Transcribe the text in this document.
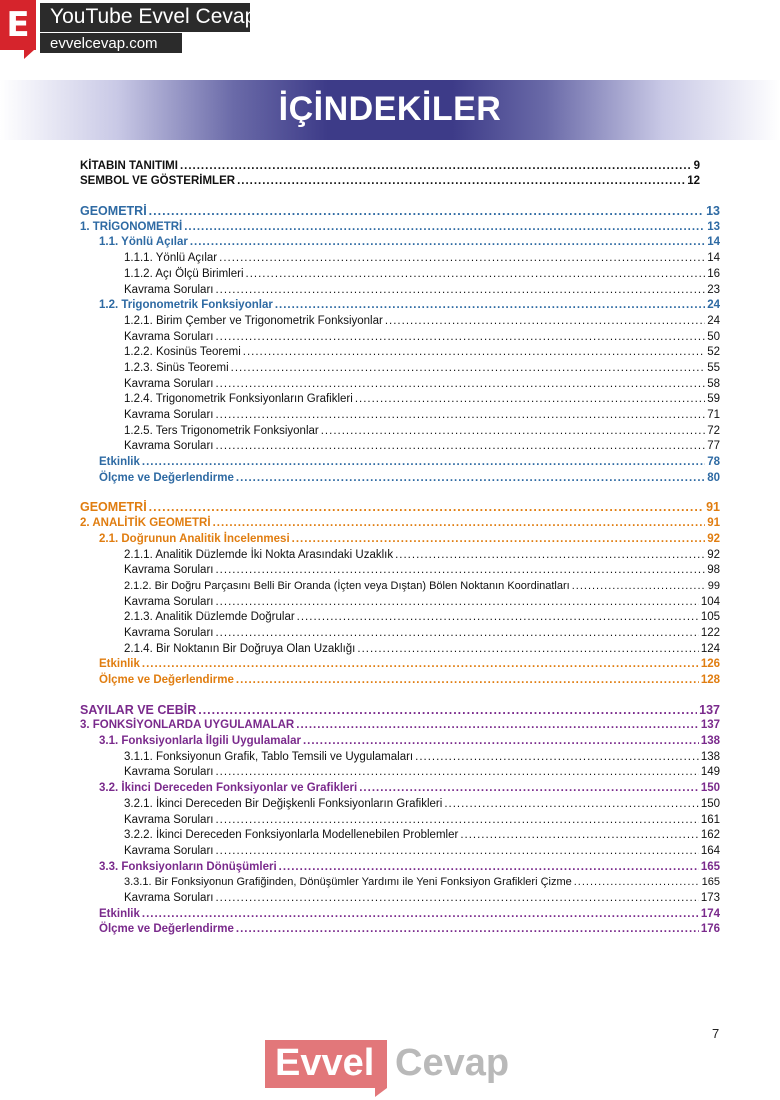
E YouTube Evvel Cevap
evvelcevap.com
İÇİNDEKİLER
KİTABIN TANITIMI .....	9
SEMBOL VE GÖSTERİMLER .....	12
GEOMETRİ .....	13
1. TRİGONOMETRİ .....	13
1.1. Yönlü Açılar .....	14
1.1.1. Yönlü Açılar .....	14
1.1.2. Açı Ölçü Birimleri .....	16
Kavrama Soruları .....	23
1.2. Trigonometrik Fonksiyonlar .....	24
1.2.1. Birim Çember ve Trigonometrik Fonksiyonlar .....	24
Kavrama Soruları .....	50
1.2.2. Kosinüs Teoremi .....	52
1.2.3. Sinüs Teoremi .....	55
Kavrama Soruları .....	58
1.2.4. Trigonometrik Fonksiyonların Grafikleri .....	59
Kavrama Soruları .....	71
1.2.5. Ters Trigonometrik Fonksiyonlar .....	72
Kavrama Soruları .....	77
Etkinlik .....	78
Ölçme ve Değerlendirme .....	80
GEOMETRİ .....	91
2. ANALİTİK GEOMETRİ .....	91
2.1. Doğrunun Analitik İncelenmesi .....	92
2.1.1. Analitik Düzlemde İki Nokta Arasındaki Uzaklık .....	92
Kavrama Soruları .....	98
2.1.2. Bir Doğru Parçasını Belli Bir Oranda (İçten veya Dıştan) Bölen Noktanın Koordinatları .....	99
Kavrama Soruları .....	104
2.1.3. Analitik Düzlemde Doğrular .....	105
Kavrama Soruları .....	122
2.1.4. Bir Noktanın Bir Doğruya Olan Uzaklığı .....	124
Etkinlik .....	126
Ölçme ve Değerlendirme .....	128
SAYILAR VE CEBİR .....	137
3. FONKSİYONLARDA UYGULAMALAR .....	137
3.1. Fonksiyonlarla İlgili Uygulamalar .....	138
3.1.1. Fonksiyonun Grafik, Tablo Temsili ve Uygulamaları .....	138
Kavrama Soruları .....	149
3.2. İkinci Dereceden Fonksiyonlar ve Grafikleri .....	150
3.2.1. İkinci Dereceden Bir Değişkenli Fonksiyonların Grafikleri .....	150
Kavrama Soruları .....	161
3.2.2. İkinci Dereceden Fonksiyonlarla Modellenebilen Problemler .....	162
Kavrama Soruları .....	164
3.3. Fonksiyonların Dönüşümleri .....	165
3.3.1. Bir Fonksiyonun Grafiğinden, Dönüşümler Yardımı ile Yeni Fonksiyon Grafikleri Çizme .....	165
Kavrama Soruları .....	173
Etkinlik .....	174
Ölçme ve Değerlendirme .....	176
7
Evvel Cevap
